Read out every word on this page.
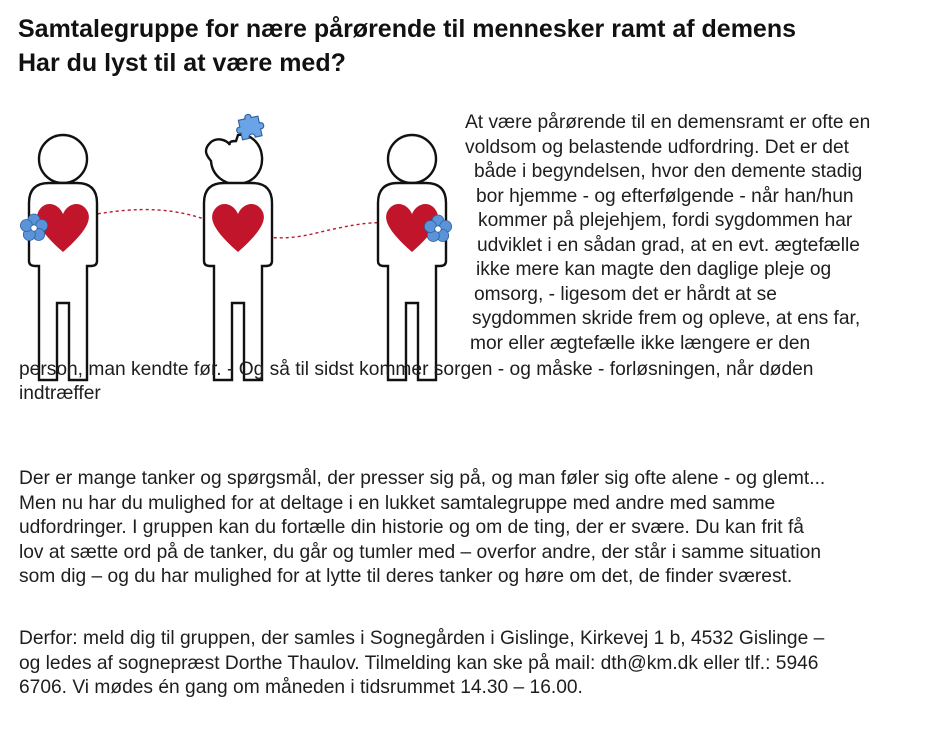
Samtalegruppe for nære pårørende til mennesker ramt af demens
Har du lyst til at være med?
At være pårørende til en demensramt er ofte en
voldsom og belastende udfordring. Det er det
både i begyndelsen, hvor den demente stadig
bor hjemme - og efterfølgende - når han/hun
kommer på plejehjem, fordi sygdommen har
udviklet i en sådan grad, at en evt. ægtefælle
ikke mere kan magte den daglige pleje og
omsorg, - ligesom det er hårdt at se
sygdommen skride frem og opleve, at ens far,
mor eller ægtefælle ikke længere er den
person, man kendte før. - Og så til sidst kommer sorgen - og måske - forløsningen, når døden
indtræffer
Der er mange tanker og spørgsmål, der presser sig på, og man føler sig ofte alene - og glemt...
Men nu har du mulighed for at deltage i en lukket samtalegruppe med andre med samme
udfordringer. I gruppen kan du fortælle din historie og om de ting, der er svære. Du kan frit få
lov at sætte ord på de tanker, du går og tumler med – overfor andre, der står i samme situation
som dig – og du har mulighed for at lytte til deres tanker og høre om det, de finder sværest.
Derfor: meld dig til gruppen, der samles i Sognegården i Gislinge, Kirkevej 1 b, 4532 Gislinge –
og ledes af sognepræst Dorthe Thaulov. Tilmelding kan ske på mail: dth@km.dk eller tlf.: 5946
6706. Vi mødes én gang om måneden i tidsrummet 14.30 – 16.00.
